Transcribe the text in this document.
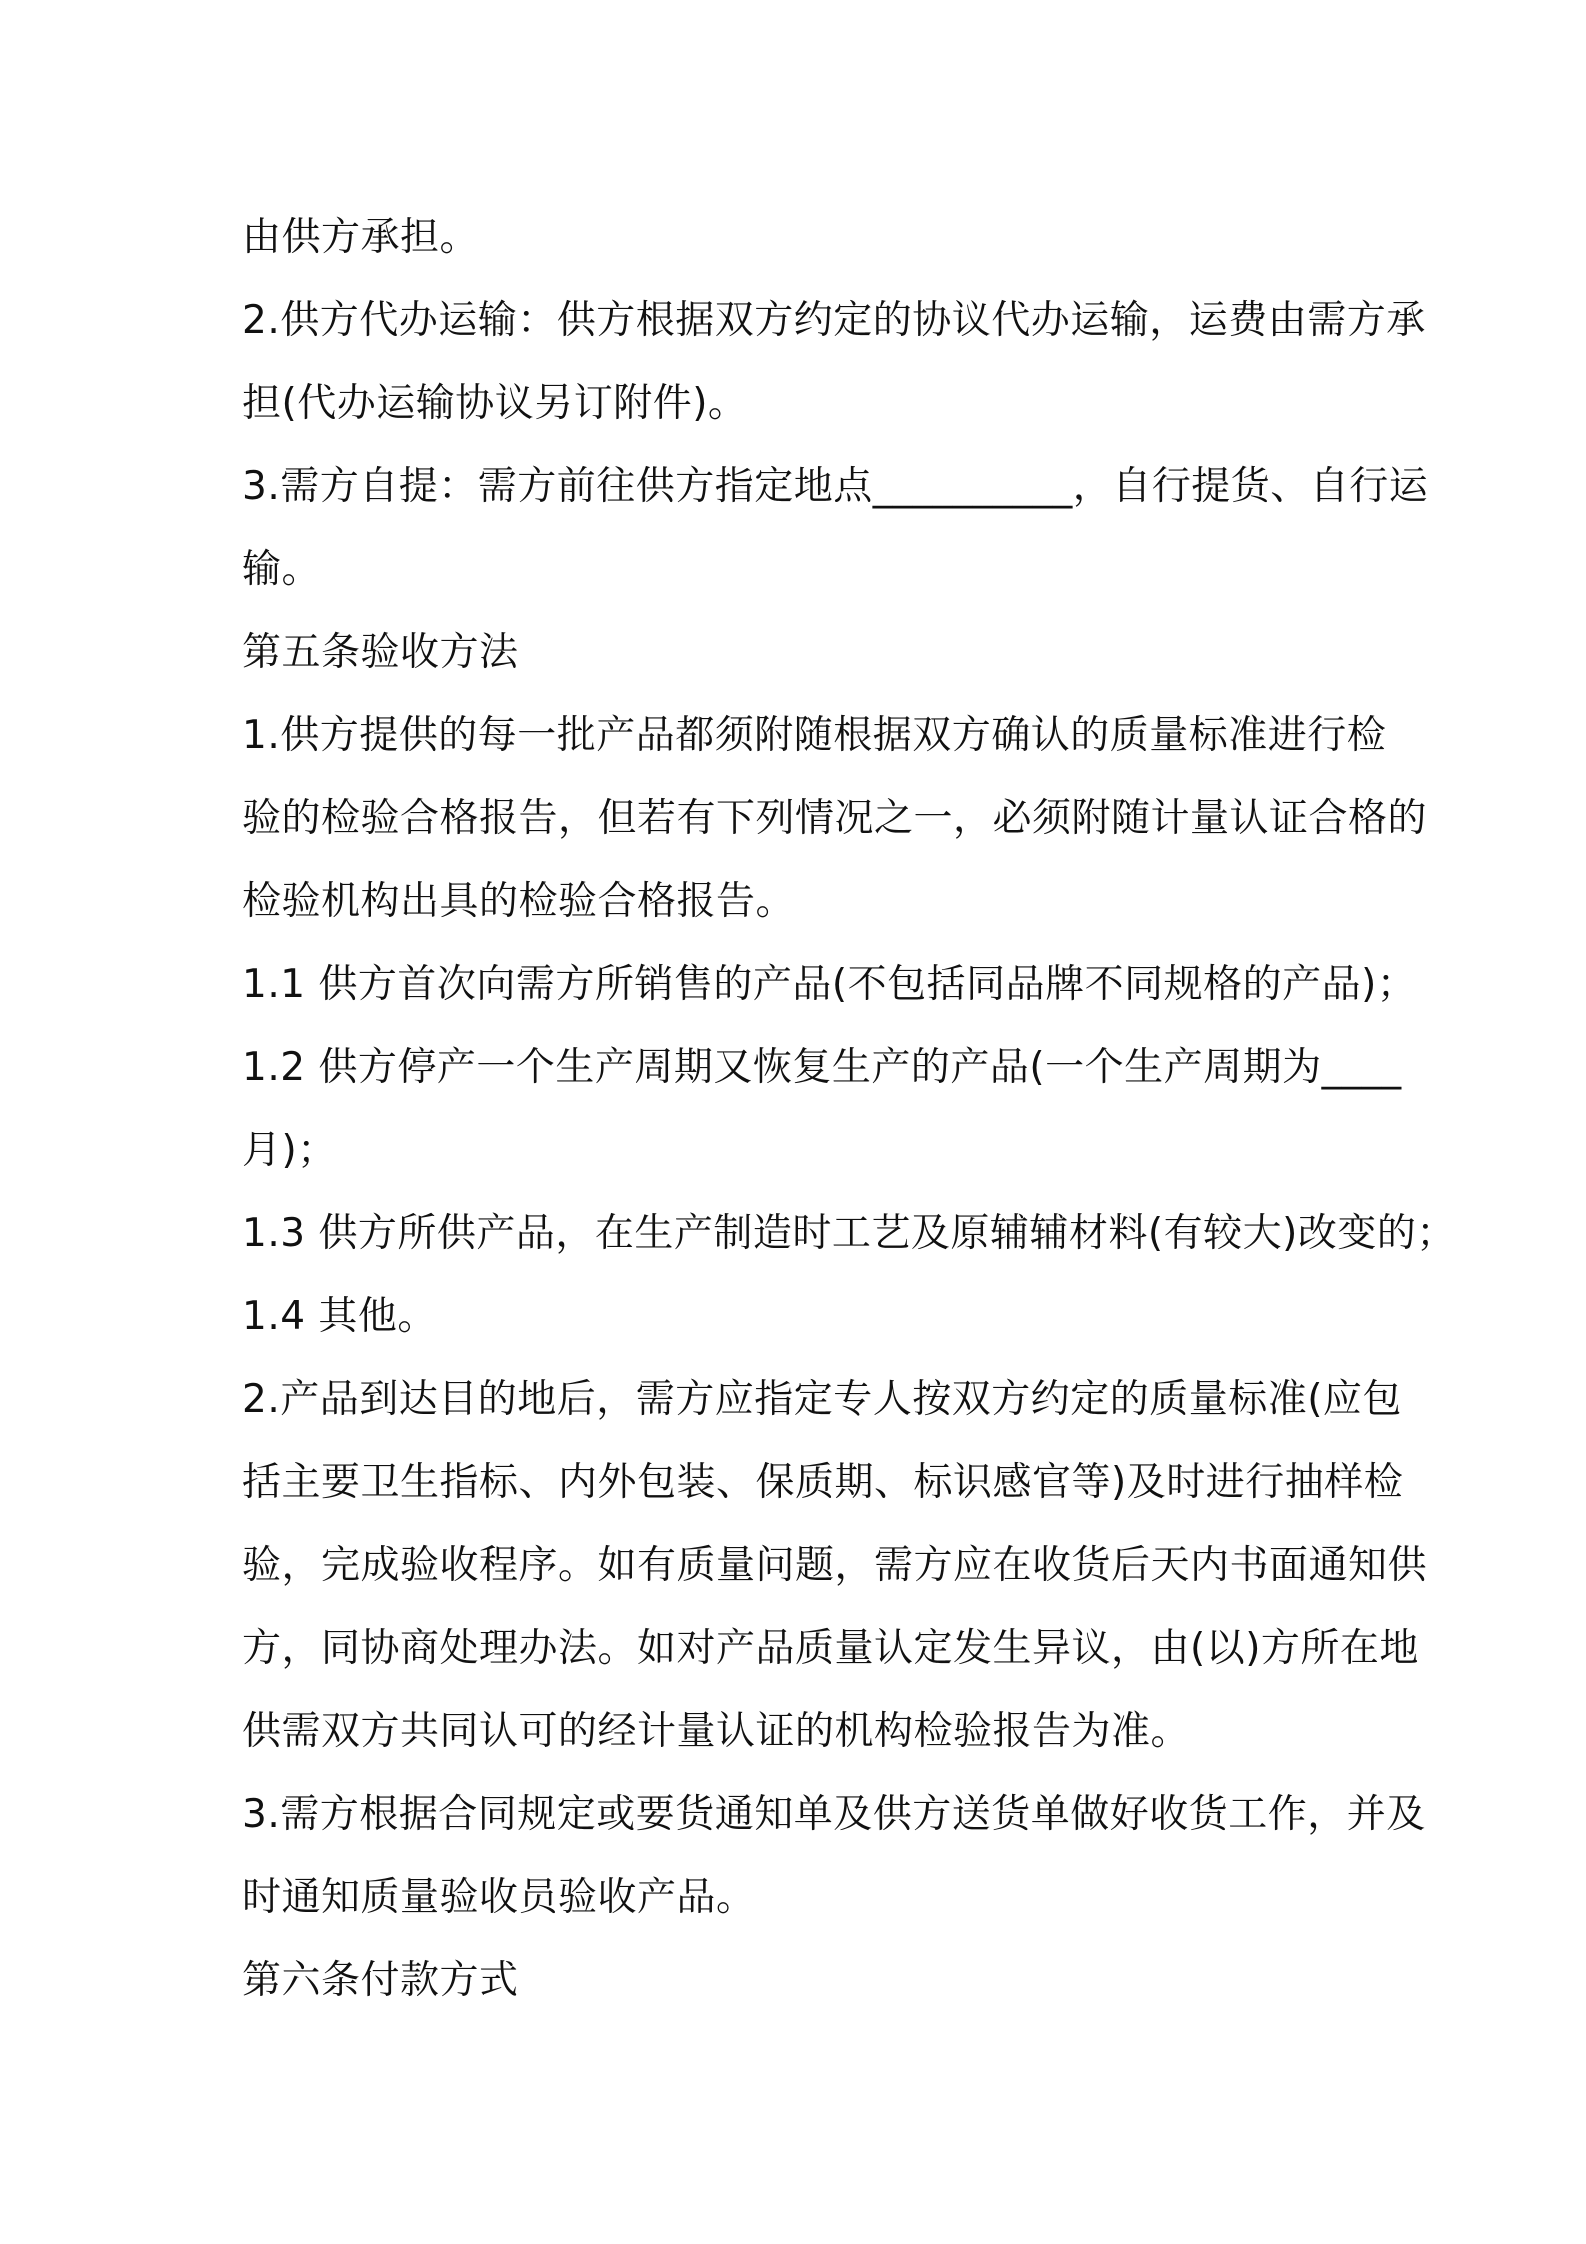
由供方承担。
2.供方代办运输：供方根据双方约定的协议代办运输，运费由需方承
担(代办运输协议另订附件)。
3.需方自提：需方前往供方指定地点__________，自行提货、自行运
输。
第五条验收方法
1.供方提供的每一批产品都须附随根据双方确认的质量标准进行检
验的检验合格报告，但若有下列情况之一，必须附随计量认证合格的
检验机构出具的检验合格报告。
1.1 供方首次向需方所销售的产品(不包括同品牌不同规格的产品)；
1.2 供方停产一个生产周期又恢复生产的产品(一个生产周期为____
月)；
1.3 供方所供产品，在生产制造时工艺及原辅辅材料(有较大)改变的；
1.4 其他。
2.产品到达目的地后，需方应指定专人按双方约定的质量标准(应包
括主要卫生指标、内外包装、保质期、标识感官等)及时进行抽样检
验，完成验收程序。如有质量问题，需方应在收货后天内书面通知供
方，同协商处理办法。如对产品质量认定发生异议，由(以)方所在地
供需双方共同认可的经计量认证的机构检验报告为准。
3.需方根据合同规定或要货通知单及供方送货单做好收货工作，并及
时通知质量验收员验收产品。
第六条付款方式
